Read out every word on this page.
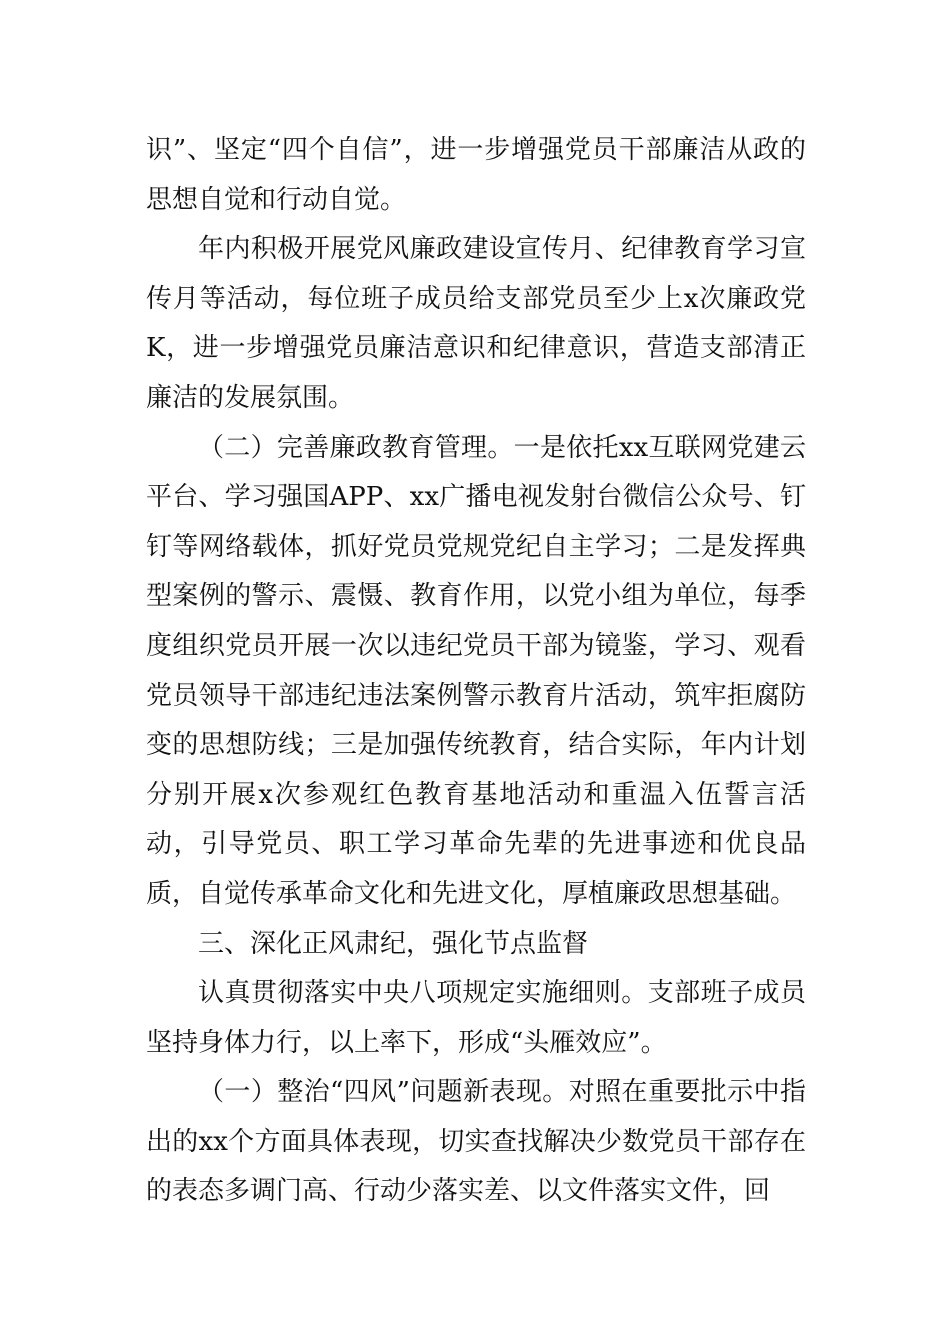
识”、坚定“四个自信”，进一步增强党员干部廉洁从政的思想自觉和行动自觉。

年内积极开展党风廉政建设宣传月、纪律教育学习宣传月等活动，每位班子成员给支部党员至少上x次廉政党K，进一步增强党员廉洁意识和纪律意识，营造支部清正廉洁的发展氛围。

（二）完善廉政教育管理。一是依托xx互联网党建云平台、学习强国APP、xx广播电视发射台微信公众号、钉钉等网络载体，抓好党员党规党纪自主学习；二是发挥典型案例的警示、震慑、教育作用，以党小组为单位，每季度组织党员开展一次以违纪党员干部为镜鉴，学习、观看党员领导干部违纪违法案例警示教育片活动，筑牢拒腐防变的思想防线；三是加强传统教育，结合实际，年内计划分别开展x次参观红色教育基地活动和重温入伍誓言活动，引导党员、职工学习革命先辈的先进事迹和优良品质，自觉传承革命文化和先进文化，厚植廉政思想基础。

三、深化正风肃纪，强化节点监督

认真贯彻落实中央八项规定实施细则。支部班子成员坚持身体力行，以上率下，形成“头雁效应”。

（一）整治“四风”问题新表现。对照在重要批示中指出的xx个方面具体表现，切实查找解决少数党员干部存在的表态多调门高、行动少落实差、以文件落实文件，回
